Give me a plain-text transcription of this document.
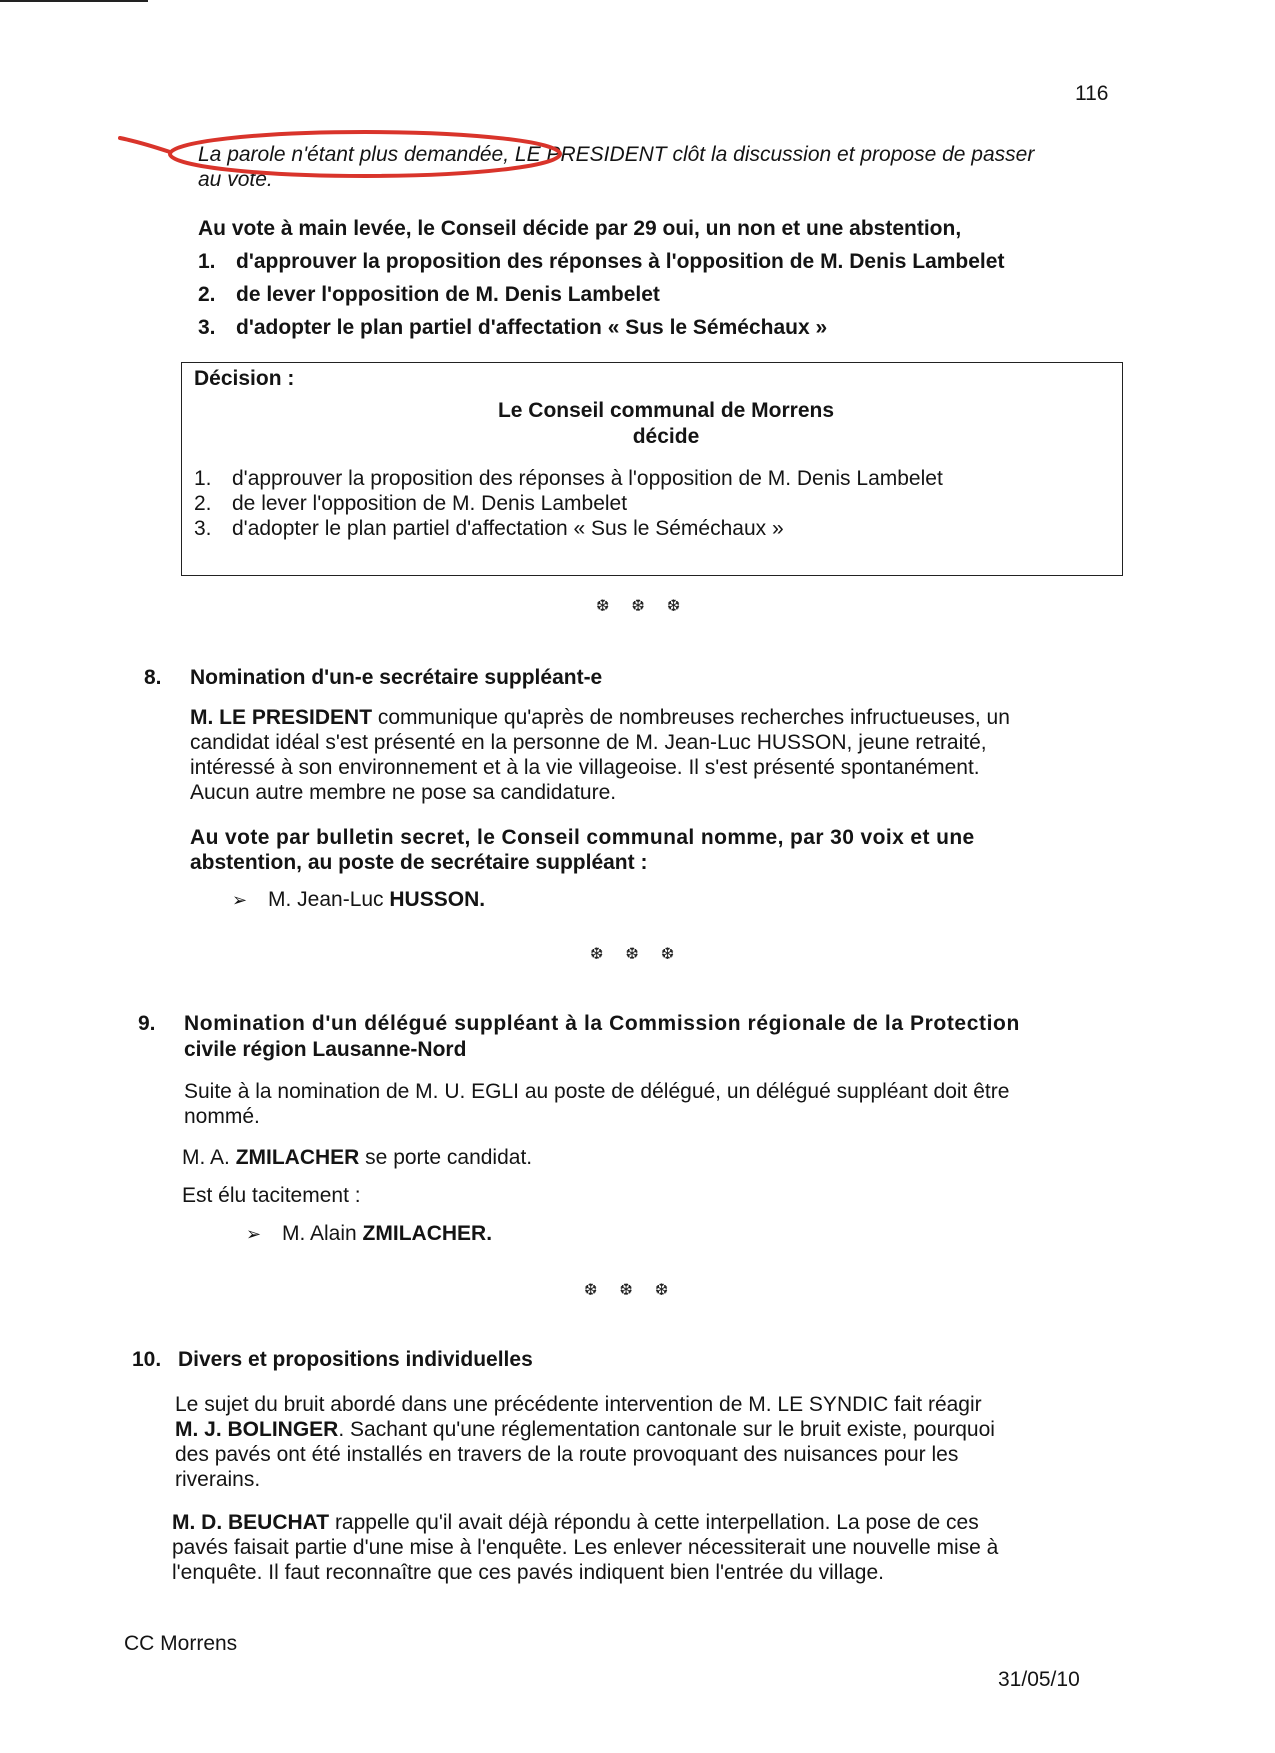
116
La parole n'étant plus demandée, LE PRESIDENT clôt la discussion et propose de passer
au vote.
Au vote à main levée, le Conseil décide par 29 oui, un non et une abstention,
1. d'approuver la proposition des réponses à l'opposition de M. Denis Lambelet
2. de lever l'opposition de M. Denis Lambelet
3. d'adopter le plan partiel d'affectation « Sus le Séméchaux »
Décision :
Le Conseil communal de Morrens
décide
1. d'approuver la proposition des réponses à l'opposition de M. Denis Lambelet
2. de lever l'opposition de M. Denis Lambelet
3. d'adopter le plan partiel d'affectation « Sus le Séméchaux »
❆❆❆
8. Nomination d'un-e secrétaire suppléant-e
M. LE PRESIDENT communique qu'après de nombreuses recherches infructueuses, un
candidat idéal s'est présenté en la personne de M. Jean-Luc HUSSON, jeune retraité,
intéressé à son environnement et à la vie villageoise. Il s'est présenté spontanément.
Aucun autre membre ne pose sa candidature.
Au vote par bulletin secret, le Conseil communal nomme, par 30 voix et une
abstention, au poste de secrétaire suppléant :
➢ M. Jean-Luc HUSSON.
❆❆❆
9. Nomination d'un délégué suppléant à la Commission régionale de la Protection
civile région Lausanne-Nord
Suite à la nomination de M. U. EGLI au poste de délégué, un délégué suppléant doit être
nommé.
M. A. ZMILACHER se porte candidat.
Est élu tacitement :
➢ M. Alain ZMILACHER.
❆❆❆
10. Divers et propositions individuelles
Le sujet du bruit abordé dans une précédente intervention de M. LE SYNDIC fait réagir
M. J. BOLINGER. Sachant qu'une réglementation cantonale sur le bruit existe, pourquoi
des pavés ont été installés en travers de la route provoquant des nuisances pour les
riverains.
M. D. BEUCHAT rappelle qu'il avait déjà répondu à cette interpellation. La pose de ces
pavés faisait partie d'une mise à l'enquête. Les enlever nécessiterait une nouvelle mise à
l'enquête. Il faut reconnaître que ces pavés indiquent bien l'entrée du village.
CC Morrens
31/05/10
